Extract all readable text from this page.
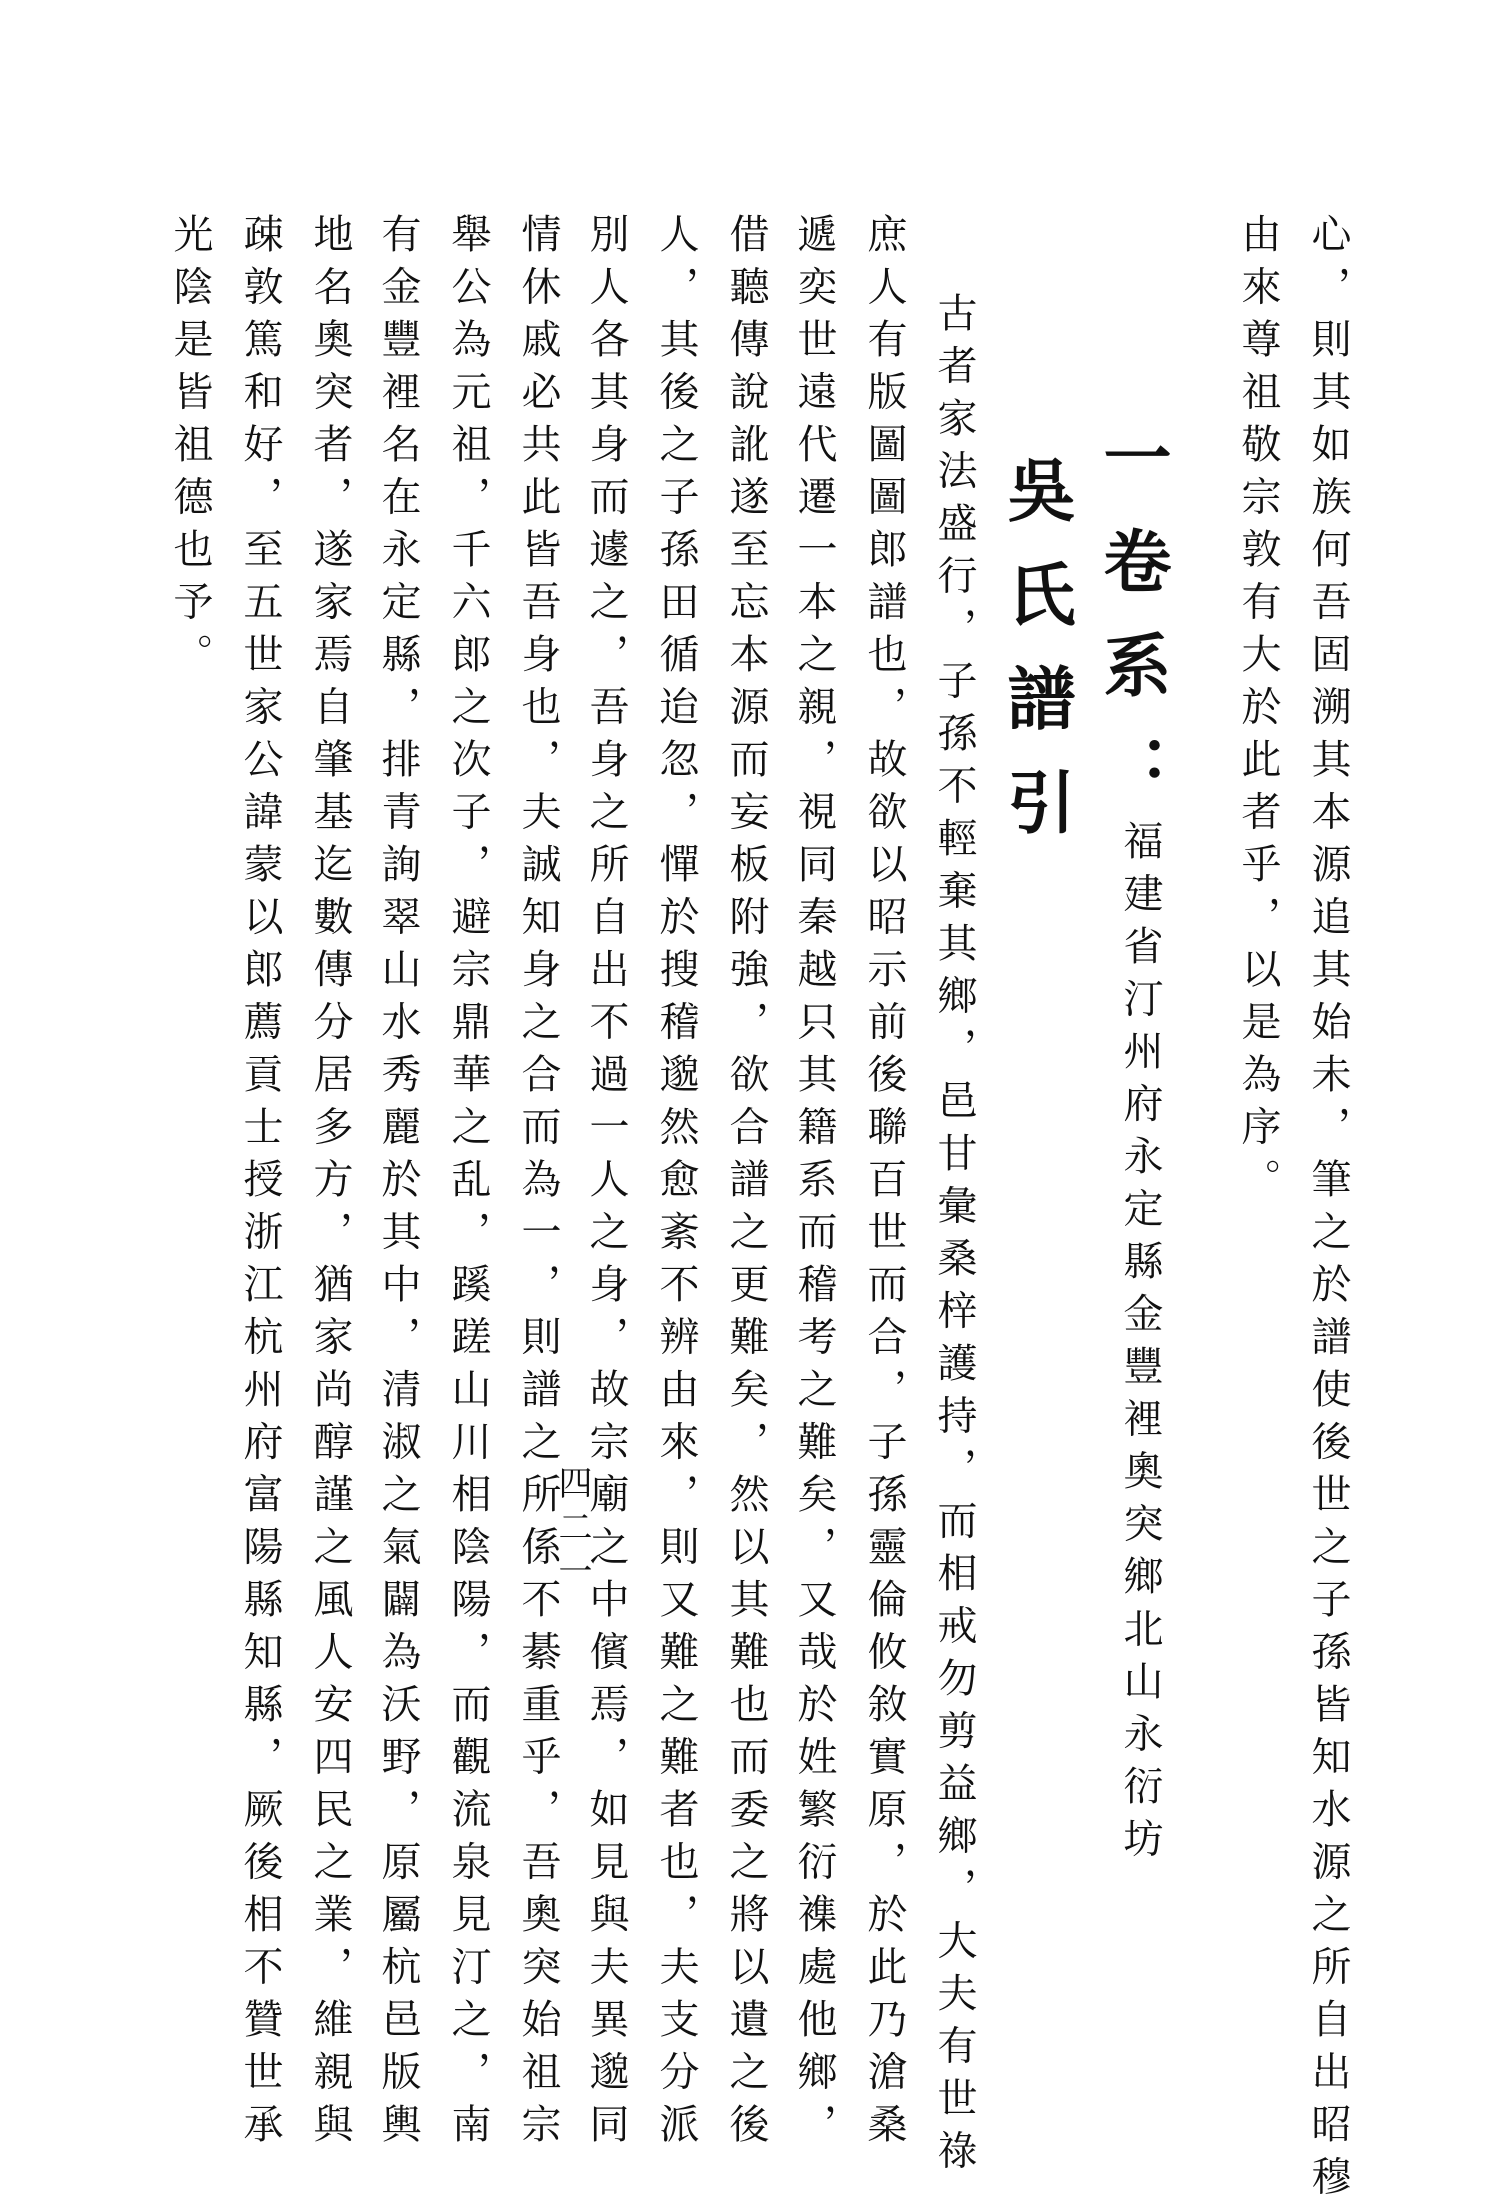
心，則其如族何吾固溯其本源追其始未，筆之於譜使後世之子孫皆知水源之所自出昭穆
由來尊祖敬宗敦有大於此者乎，以是為序。
一卷系：
福建省汀州府永定縣金豐裡奧突鄉北山永衍坊
吳氏譜引
古者家法盛行，子孫不輕棄其鄉，邑甘彙桑梓護持，而相戒勿剪益鄉，大夫有世祿
庶人有版圖圖郎譜也，故欲以昭示前後聯百世而合，子孫靈倫攸敘實原，於此乃滄桑
遞奕世遠代遷一本之親，視同秦越只其籍系而稽考之難矣，又哉於姓繁衍襍處他鄉，
借聽傳說訛遂至忘本源而妄板附強，欲合譜之更難矣，然以其難也而委之將以遺之後
人，其後之子孫田循迨忽，憚於搜稽邈然愈紊不辨由來，則又難之難者也，夫支分派
別人各其身而遽之，吾身之所自出不過一人之身，故宗廟之中儐焉，如見與夫異邈同
情休戚必共此皆吾身也，夫誠知身之合而為一，則譜之所係不綦重乎，吾奧突始祖宗
舉公為元祖，千六郎之次子，避宗鼎華之乱，蹊蹉山川相陰陽，而觀流泉見汀之，南
有金豐裡名在永定縣，排青詢翠山水秀麗於其中，清淑之氣闢為沃野，原屬杭邑版輿
地名奧突者，遂家焉自肇基迄數傳分居多方，猶家尚醇謹之風人安四民之業，維親與
疎敦篤和好，至五世家公諱蒙以郎薦貢士授浙江杭州府富陽縣知縣，厥後相不贊世承
光陰是皆祖德也予。
四二一
